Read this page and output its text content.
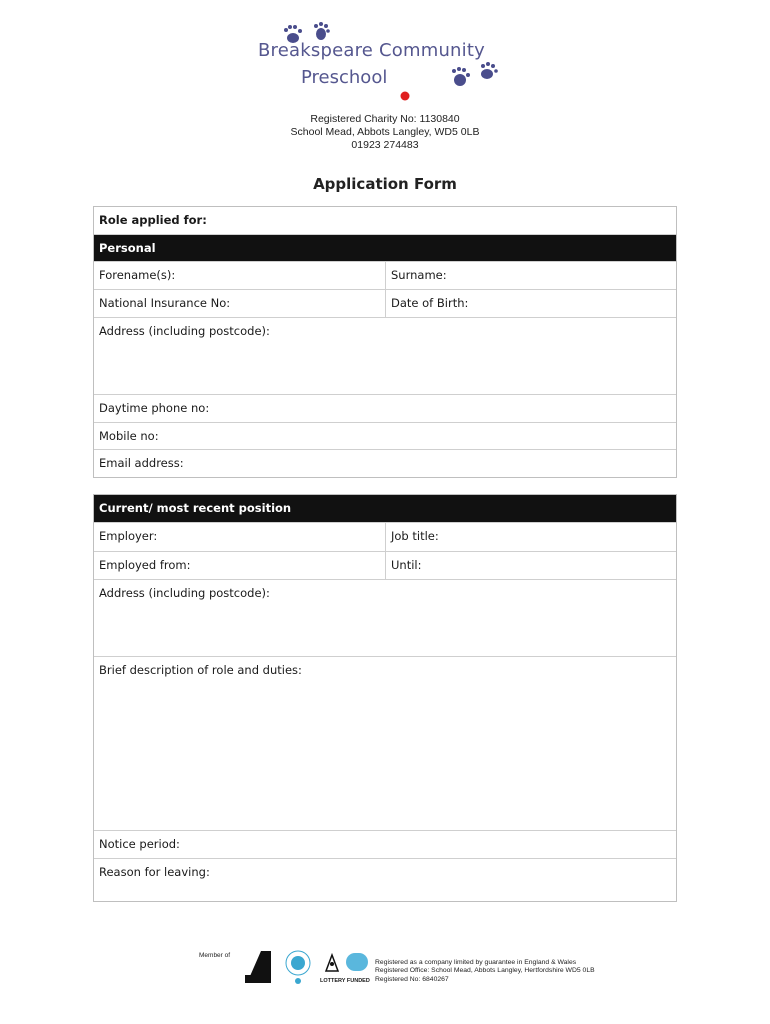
Breakspeare Community
Preschool
Registered Charity No: 1130840
School Mead, Abbots Langley, WD5 0LB
01923 274483
Application Form
Role applied for:
Personal
Forename(s):	Surname:
National Insurance No:	Date of Birth:
Address (including postcode):
Daytime phone no:
Mobile no:
Email address:
Current/ most recent position
Employer:	Job title:
Employed from:	Until:
Address (including postcode):
Brief description of role and duties:
Notice period:
Reason for leaving:
Member of
LOTTERY FUNDED
Registered as a company limited by guarantee in England & Wales
Registered Office: School Mead, Abbots Langley, Hertfordshire WD5 0LB
Registered No: 6840267
